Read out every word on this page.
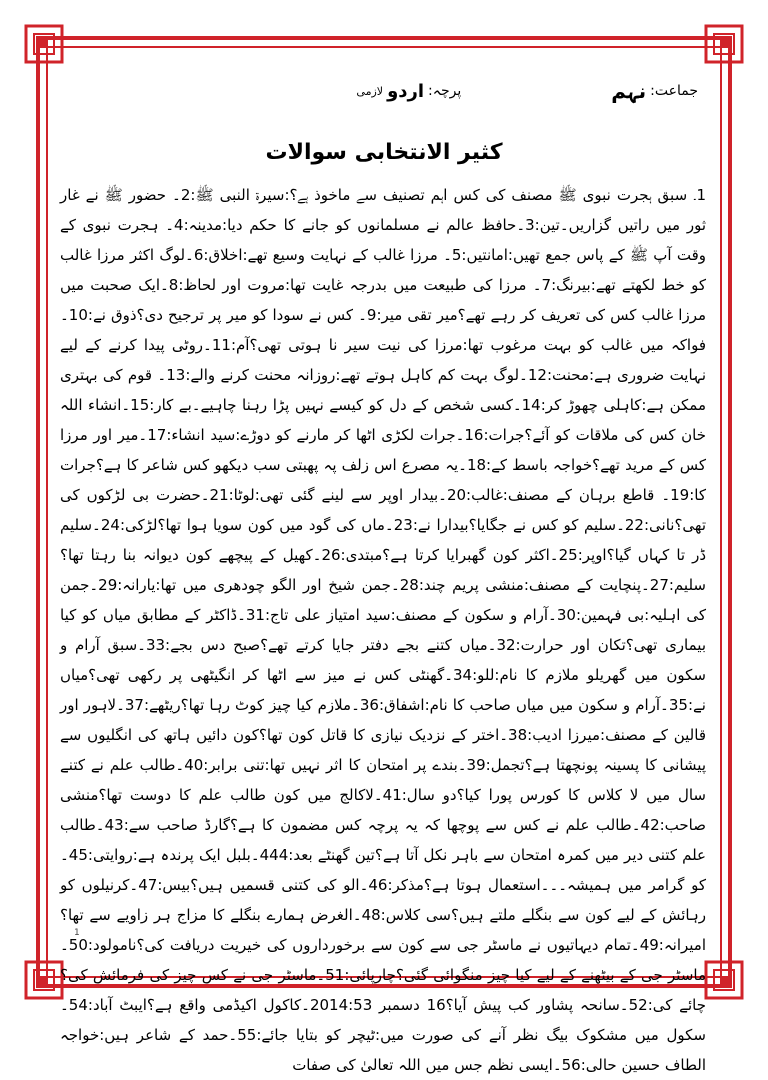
جماعت:
نہم
پرچہ:
اردو
لازمی
کثیر الانتخابی سوالات
1۔ سبق ہجرت نبوی ﷺ مصنف کی کس اہم تصنیف سے ماخوذ ہے؟:سیرۃ النبی ﷺ:2۔ حضور ﷺ نے غار ثور میں راتیں گزاریں۔تین:3۔حافظ عالم نے مسلمانوں کو جانے کا حکم دیا:مدینہ:4۔ ہجرت نبوی کے وقت آپ ﷺ کے پاس جمع تھیں:امانتیں:5۔ مرزا غالب کے نہایت وسیع تھے:اخلاق:6۔لوگ اکثر مرزا غالب کو خط لکھتے تھے:بیرنگ:7۔ مرزا کی طبیعت میں بدرجہ غایت تھا:مروت اور لحاظ:8۔ایک صحبت میں مرزا غالب کس کی تعریف کر رہے تھے؟میر تقی میر:9۔ کس نے سودا کو میر پر ترجیح دی؟ذوق نے:10۔فواکہ میں غالب کو بہت مرغوب تھا:مرزا کی نیت سیر نا ہوتی تھی؟آم:11۔روٹی پیدا کرنے کے لیے نہایت ضروری ہے:محنت:12۔لوگ بہت کم کاہل ہوتے تھے:روزانہ محنت کرنے والے:13۔ قوم کی بہتری ممکن ہے:کاہلی چھوڑ کر:14۔کسی شخص کے دل کو کیسے نہیں پڑا رہنا چاہیے۔بے کار:15۔انشاء اللہ خان کس کی ملاقات کو آئے؟جرات:16۔جرات لکڑی اٹھا کر مارنے کو دوڑے:سید انشاء:17۔میر اور مرزا کس کے مرید تھے؟خواجہ باسط کے:18۔یہ مصرع اس زلف پہ پھبتی سب دیکھو کس شاعر کا ہے؟جرات کا:19۔ قاطع برہان کے مصنف:غالب:20۔بیدار اوپر سے لینے گئی تھی:لوٹا:21۔حضرت بی لڑکوں کی تھی؟نانی:22۔سلیم کو کس نے جگایا؟بیدارا نے:23۔ماں کی گود میں کون سویا ہوا تھا؟لڑکی:24۔سلیم ڈر تا کہاں گیا؟اوپر:25۔اکثر کون گھبرایا کرتا ہے؟مبتدی:26۔کھیل کے پیچھے کون دیوانہ بنا رہتا تھا؟سلیم:27۔پنچایت کے مصنف:منشی پریم چند:28۔جمن شیخ اور الگو چودھری میں تھا:یارانہ:29۔جمن کی اہلیہ:بی فہمین:30۔آرام و سکون کے مصنف:سید امتیاز علی تاج:31۔ڈاکٹر کے مطابق میاں کو کیا بیماری تھی؟تکان اور حرارت:32۔میاں کتنے بجے دفتر جایا کرتے تھے؟صبح دس بجے:33۔سبق آرام و سکون میں گھریلو ملازم کا نام:للو:34۔گھنٹی کس نے میز سے اٹھا کر انگیٹھی پر رکھی تھی؟میاں نے:35۔آرام و سکون میں میاں صاحب کا نام:اشفاق:36۔ملازم کیا چیز کوٹ رہا تھا؟ریٹھے:37۔لاہور اور قالین کے مصنف:میرزا ادیب:38۔اختر کے نزدیک نیازی کا قاتل کون تھا؟کون دائیں ہاتھ کی انگلیوں سے پیشانی کا پسینہ پونچھتا ہے؟تجمل:39۔بندے پر امتحان کا اثر نہیں تھا:تنی برابر:40۔طالب علم نے کتنے سال میں لا کلاس کا کورس پورا کیا؟دو سال:41۔لاکالج میں کون طالب علم کا دوست تھا؟منشی صاحب:42۔طالب علم نے کس سے پوچھا کہ یہ پرچہ کس مضمون کا ہے؟گارڈ صاحب سے:43۔طالب علم کتنی دیر میں کمرہ امتحان سے باہر نکل آتا ہے؟تین گھنٹے بعد:444۔بلبل ایک پرندہ ہے:روایتی:45۔کو گرامر میں ہمیشہ۔۔۔استعمال ہوتا ہے؟مذکر:46۔الو کی کتنی قسمیں ہیں؟بیس:47۔کرنیلوں کو رہائش کے لیے کون سے بنگلے ملتے ہیں؟سی کلاس:48۔الغرض ہمارے بنگلے کا مزاج ہر زاویے سے تھا؟امیرانہ:49۔تمام دیہاتیوں نے ماسٹر جی سے کون سے برخورداروں کی خیریت دریافت کی؟نامولود:50۔ماسٹر جی کے بیٹھنے کے لیے کیا چیز منگوائی گئی؟چارپائی:51۔ماسٹر جی نے کس چیز کی فرمائش کی؟چائے کی:52۔سانحہ پشاور کب پیش آیا؟16 دسمبر 2014:53۔کاکول اکیڈمی واقع ہے؟ایبٹ آباد:54۔سکول میں مشکوک بیگ نظر آنے کی صورت میں:ٹیچر کو بتایا جائے:55۔حمد کے شاعر ہیں:خواجہ الطاف حسین حالی:56۔ایسی نظم جس میں اللہ تعالیٰ کی صفات
1
